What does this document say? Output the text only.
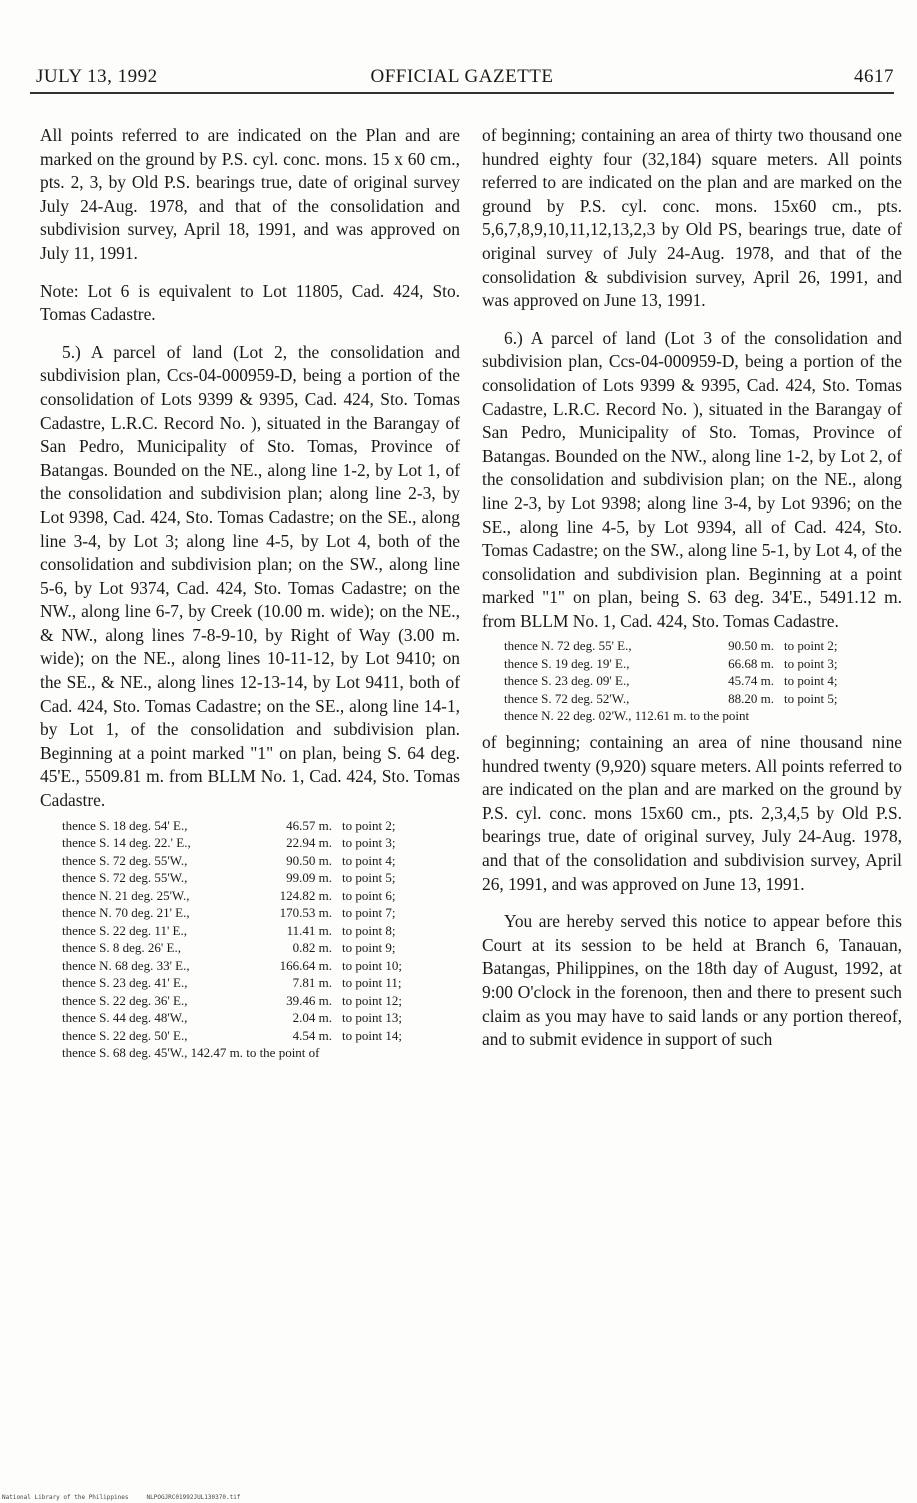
JULY 13, 1992	OFFICIAL GAZETTE	4617

All points referred to are indicated on the Plan and are marked on the ground by P.S. cyl. conc. mons. 15 x 60 cm., pts. 2, 3, by Old P.S. bearings true, date of original survey July 24-Aug. 1978, and that of the consolidation and subdivision survey, April 18, 1991, and was approved on July 11, 1991.

Note: Lot 6 is equivalent to Lot 11805, Cad. 424, Sto. Tomas Cadastre.

5.) A parcel of land (Lot 2, the consolidation and subdivision plan, Ccs-04-000959-D, being a portion of the consolidation of Lots 9399 & 9395, Cad. 424, Sto. Tomas Cadastre, L.R.C. Record No. ), situated in the Barangay of San Pedro, Municipality of Sto. Tomas, Province of Batangas. Bounded on the NE., along line 1-2, by Lot 1, of the consolidation and subdivision plan; along line 2-3, by Lot 9398, Cad. 424, Sto. Tomas Cadastre; on the SE., along line 3-4, by Lot 3; along line 4-5, by Lot 4, both of the consolidation and subdivision plan; on the SW., along line 5-6, by Lot 9374, Cad. 424, Sto. Tomas Cadastre; on the NW., along line 6-7, by Creek (10.00 m. wide); on the NE., & NW., along lines 7-8-9-10, by Right of Way (3.00 m. wide); on the NE., along lines 10-11-12, by Lot 9410; on the SE., & NE., along lines 12-13-14, by Lot 9411, both of Cad. 424, Sto. Tomas Cadastre; on the SE., along line 14-1, by Lot 1, of the consolidation and subdivision plan. Beginning at a point marked "1" on plan, being S. 64 deg. 45'E., 5509.81 m. from BLLM No. 1, Cad. 424, Sto. Tomas Cadastre.

thence S. 18 deg. 54' E.,	46.57 m. to point 2;
thence S. 14 deg. 22.' E.,	22.94 m. to point 3;
thence S. 72 deg. 55'W.,	90.50 m. to point 4;
thence S. 72 deg. 55'W.,	99.09 m. to point 5;
thence N. 21 deg. 25'W.,	124.82 m. to point 6;
thence N. 70 deg. 21' E.,	170.53 m. to point 7;
thence S. 22 deg. 11' E.,	11.41 m. to point 8;
thence S. 8 deg. 26' E.,	0.82 m. to point 9;
thence N. 68 deg. 33' E.,	166.64 m. to point 10;
thence S. 23 deg. 41' E.,	7.81 m. to point 11;
thence S. 22 deg. 36' E.,	39.46 m. to point 12;
thence S. 44 deg. 48'W.,	2.04 m. to point 13;
thence S. 22 deg. 50' E.,	4.54 m. to point 14;
thence S. 68 deg. 45'W., 142.47 m. to the point of

of beginning; containing an area of thirty two thousand one hundred eighty four (32,184) square meters. All points referred to are indicated on the plan and are marked on the ground by P.S. cyl. conc. mons. 15x60 cm., pts. 5,6,7,8,9,10,11,12,13,2,3 by Old PS, bearings true, date of original survey of July 24-Aug. 1978, and that of the consolidation & subdivision survey, April 26, 1991, and was approved on June 13, 1991.

6.) A parcel of land (Lot 3 of the consolidation and subdivision plan, Ccs-04-000959-D, being a portion of the consolidation of Lots 9399 & 9395, Cad. 424, Sto. Tomas Cadastre, L.R.C. Record No. ), situated in the Barangay of San Pedro, Municipality of Sto. Tomas, Province of Batangas. Bounded on the NW., along line 1-2, by Lot 2, of the consolidation and subdivision plan; on the NE., along line 2-3, by Lot 9398; along line 3-4, by Lot 9396; on the SE., along line 4-5, by Lot 9394, all of Cad. 424, Sto. Tomas Cadastre; on the SW., along line 5-1, by Lot 4, of the consolidation and subdivision plan. Beginning at a point marked "1" on plan, being S. 63 deg. 34'E., 5491.12 m. from BLLM No. 1, Cad. 424, Sto. Tomas Cadastre.

thence N. 72 deg. 55' E.,	90.50 m. to point 2;
thence S. 19 deg. 19' E.,	66.68 m. to point 3;
thence S. 23 deg. 09' E.,	45.74 m. to point 4;
thence S. 72 deg. 52'W.,	88.20 m. to point 5;
thence N. 22 deg. 02'W., 112.61 m. to the point

of beginning; containing an area of nine thousand nine hundred twenty (9,920) square meters. All points referred to are indicated on the plan and are marked on the ground by P.S. cyl. conc. mons 15x60 cm., pts. 2,3,4,5 by Old P.S. bearings true, date of original survey, July 24-Aug. 1978, and that of the consolidation and subdivision survey, April 26, 1991, and was approved on June 13, 1991.

You are hereby served this notice to appear before this Court at its session to be held at Branch 6, Tanauan, Batangas, Philippines, on the 18th day of August, 1992, at 9:00 O'clock in the forenoon, then and there to present such claim as you may have to said lands or any portion thereof, and to submit evidence in support of such

National Library of the Philippines	NLPOGJRC01992JUL130370.tif
